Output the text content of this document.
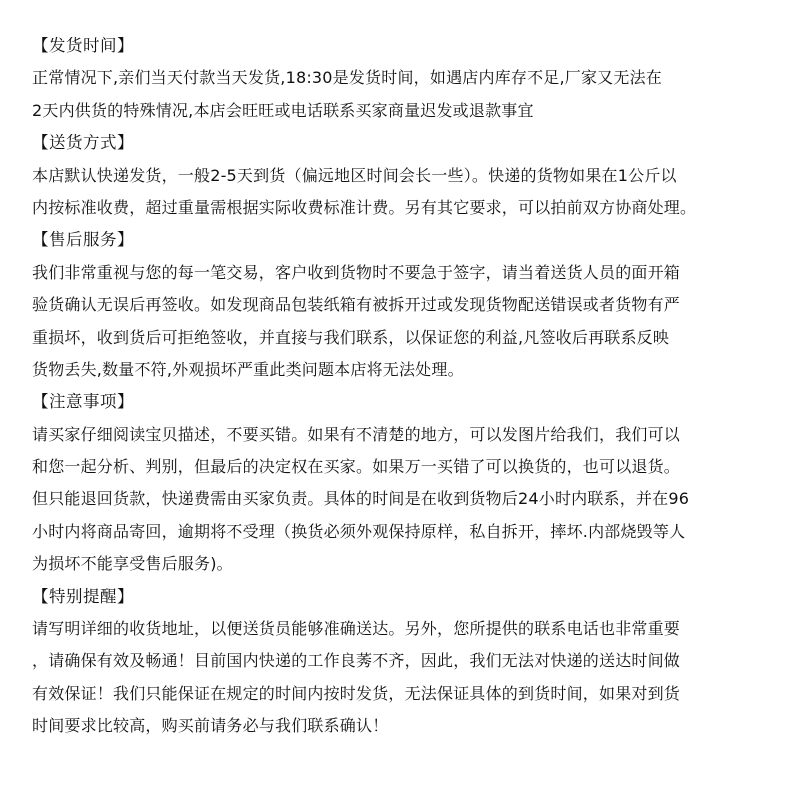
【发货时间】
正常情况下,亲们当天付款当天发货,18:30是发货时间，如遇店内库存不足,厂家又无法在
2天内供货的特殊情况,本店会旺旺或电话联系买家商量迟发或退款事宜
【送货方式】
本店默认快递发货，一般2-5天到货（偏远地区时间会长一些）。快递的货物如果在1公斤以
内按标准收费，超过重量需根据实际收费标准计费。另有其它要求，可以拍前双方协商处理。
【售后服务】
我们非常重视与您的每一笔交易，客户收到货物时不要急于签字，请当着送货人员的面开箱
验货确认无误后再签收。如发现商品包装纸箱有被拆开过或发现货物配送错误或者货物有严
重损坏，收到货后可拒绝签收，并直接与我们联系，以保证您的利益,凡签收后再联系反映
货物丢失,数量不符,外观损坏严重此类问题本店将无法处理。
【注意事项】
请买家仔细阅读宝贝描述，不要买错。如果有不清楚的地方，可以发图片给我们，我们可以
和您一起分析、判别，但最后的决定权在买家。如果万一买错了可以换货的，也可以退货。
但只能退回货款，快递费需由买家负责。具体的时间是在收到货物后24小时内联系，并在96
小时内将商品寄回，逾期将不受理（换货必须外观保持原样，私自拆开，摔坏.内部烧毁等人
为损坏不能享受售后服务)。
【特别提醒】
请写明详细的收货地址，以便送货员能够准确送达。另外，您所提供的联系电话也非常重要
，请确保有效及畅通！目前国内快递的工作良莠不齐，因此，我们无法对快递的送达时间做
有效保证！我们只能保证在规定的时间内按时发货，无法保证具体的到货时间，如果对到货
时间要求比较高，购买前请务必与我们联系确认！
